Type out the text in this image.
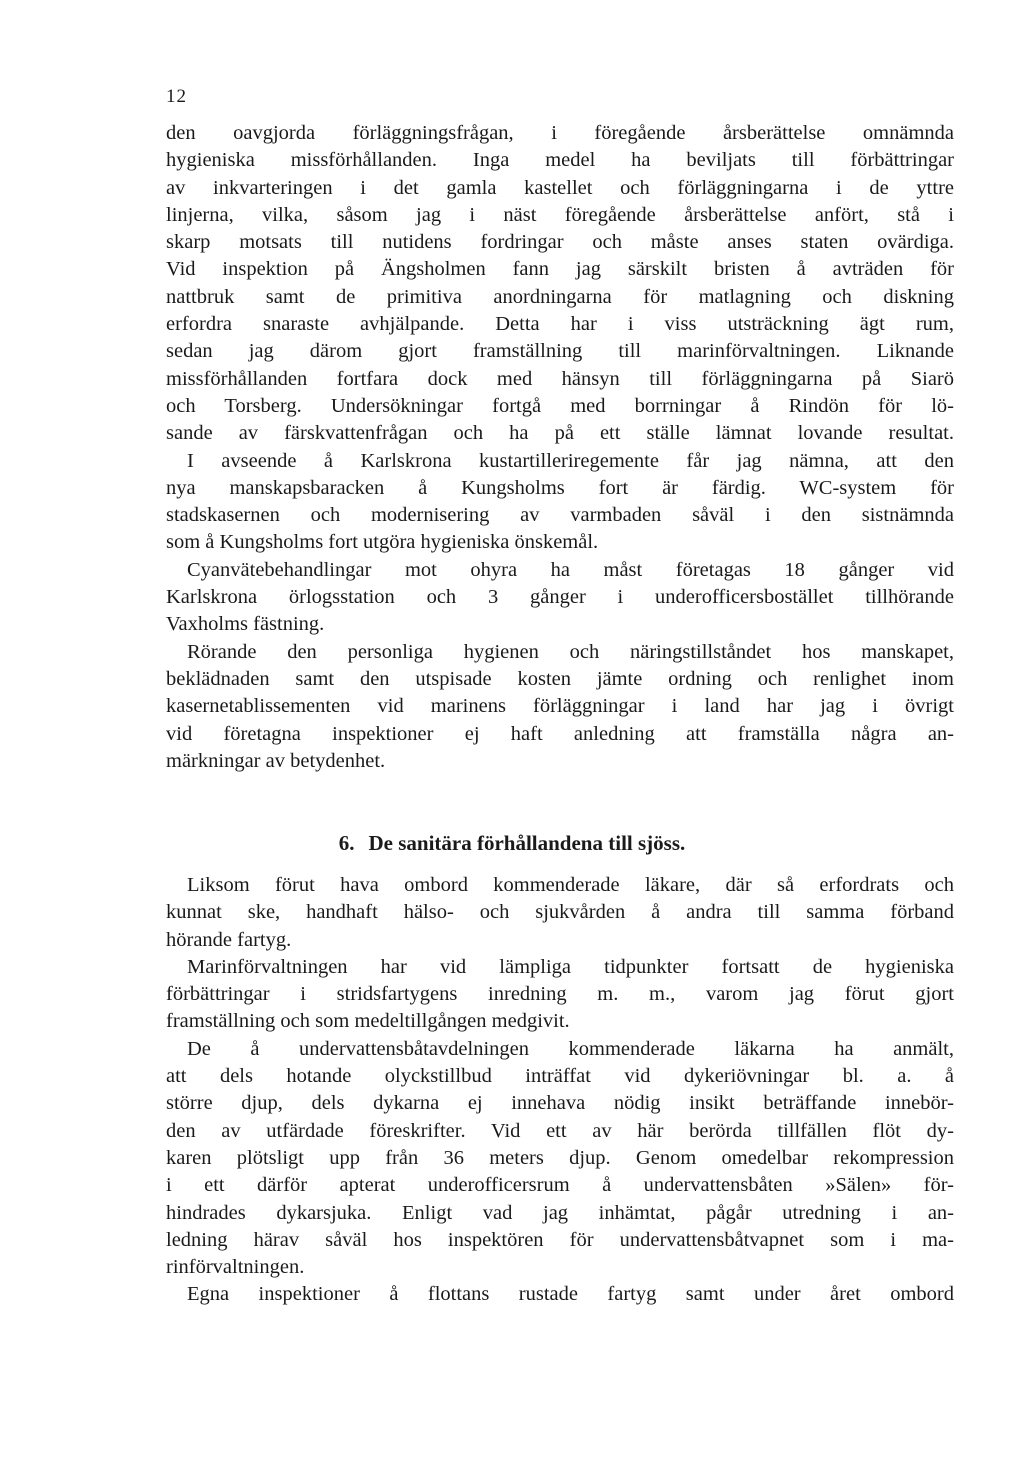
12
den oavgjorda förläggningsfrågan, i föregående årsberättelse omnämnda
hygieniska missförhållanden. Inga medel ha beviljats till förbättringar
av inkvarteringen i det gamla kastellet och förläggningarna i de yttre
linjerna, vilka, såsom jag i näst föregående årsberättelse anfört, stå i
skarp motsats till nutidens fordringar och måste anses staten ovärdiga.
Vid inspektion på Ängsholmen fann jag särskilt bristen å avträden för
nattbruk samt de primitiva anordningarna för matlagning och diskning
erfordra snaraste avhjälpande. Detta har i viss utsträckning ägt rum,
sedan jag därom gjort framställning till marinförvaltningen. Liknande
missförhållanden fortfara dock med hänsyn till förläggningarna på Siarö
och Torsberg. Undersökningar fortgå med borrningar å Rindön för lö-
sande av färskvattenfrågan och ha på ett ställe lämnat lovande resultat.
I avseende å Karlskrona kustartilleriregemente får jag nämna, att den
nya manskapsbaracken å Kungsholms fort är färdig. WC-system för
stadskasernen och modernisering av varmbaden såväl i den sistnämnda
som å Kungsholms fort utgöra hygieniska önskemål.
Cyanvätebehandlingar mot ohyra ha måst företagas 18 gånger vid
Karlskrona örlogsstation och 3 gånger i underofficersbostället tillhörande
Vaxholms fästning.
Rörande den personliga hygienen och näringstillståndet hos manskapet,
beklädnaden samt den utspisade kosten jämte ordning och renlighet inom
kasernetablissementen vid marinens förläggningar i land har jag i övrigt
vid företagna inspektioner ej haft anledning att framställa några an-
märkningar av betydenhet.
6. De sanitära förhållandena till sjöss.
Liksom förut hava ombord kommenderade läkare, där så erfordrats och
kunnat ske, handhaft hälso- och sjukvården å andra till samma förband
hörande fartyg.
Marinförvaltningen har vid lämpliga tidpunkter fortsatt de hygieniska
förbättringar i stridsfartygens inredning m. m., varom jag förut gjort
framställning och som medeltillgången medgivit.
De å undervattensbåtavdelningen kommenderade läkarna ha anmält,
att dels hotande olyckstillbud inträffat vid dykeriövningar bl. a. å
större djup, dels dykarna ej innehava nödig insikt beträffande innebör-
den av utfärdade föreskrifter. Vid ett av här berörda tillfällen flöt dy-
karen plötsligt upp från 36 meters djup. Genom omedelbar rekompression
i ett därför apterat underofficersrum å undervattensbåten »Sälen» för-
hindrades dykarsjuka. Enligt vad jag inhämtat, pågår utredning i an-
ledning härav såväl hos inspektören för undervattensbåtvapnet som i ma-
rinförvaltningen.
Egna inspektioner å flottans rustade fartyg samt under året ombord
